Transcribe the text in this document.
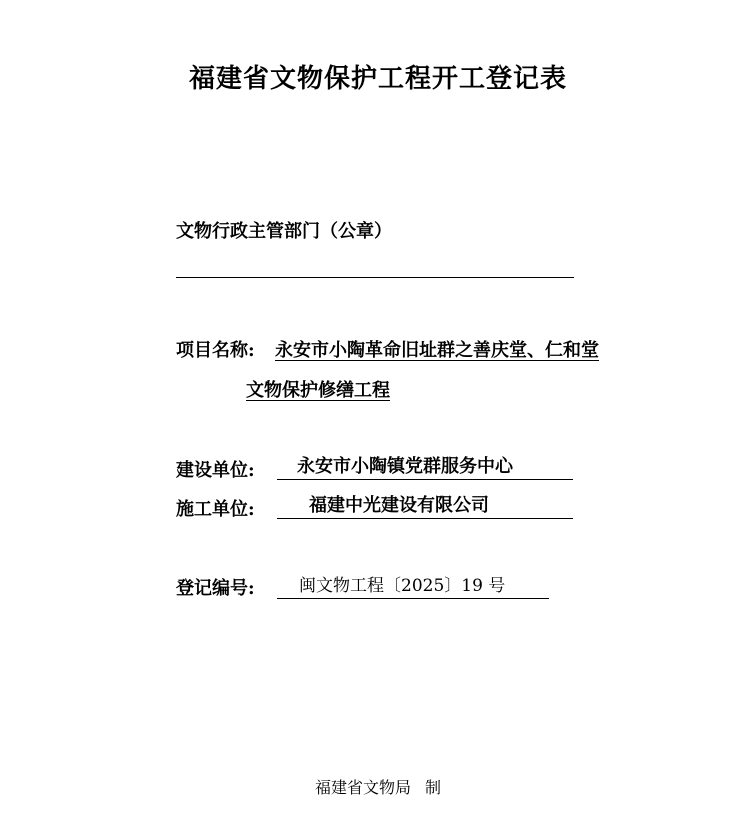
福建省文物保护工程开工登记表
文物行政主管部门（公章）
项目名称: 永安市小陶革命旧址群之善庆堂、仁和堂
文物保护修缮工程
建设单位:	永安市小陶镇党群服务中心
施工单位:	福建中光建设有限公司
登记编号:	闽文物工程〔2025〕19 号
福建省文物局 制
